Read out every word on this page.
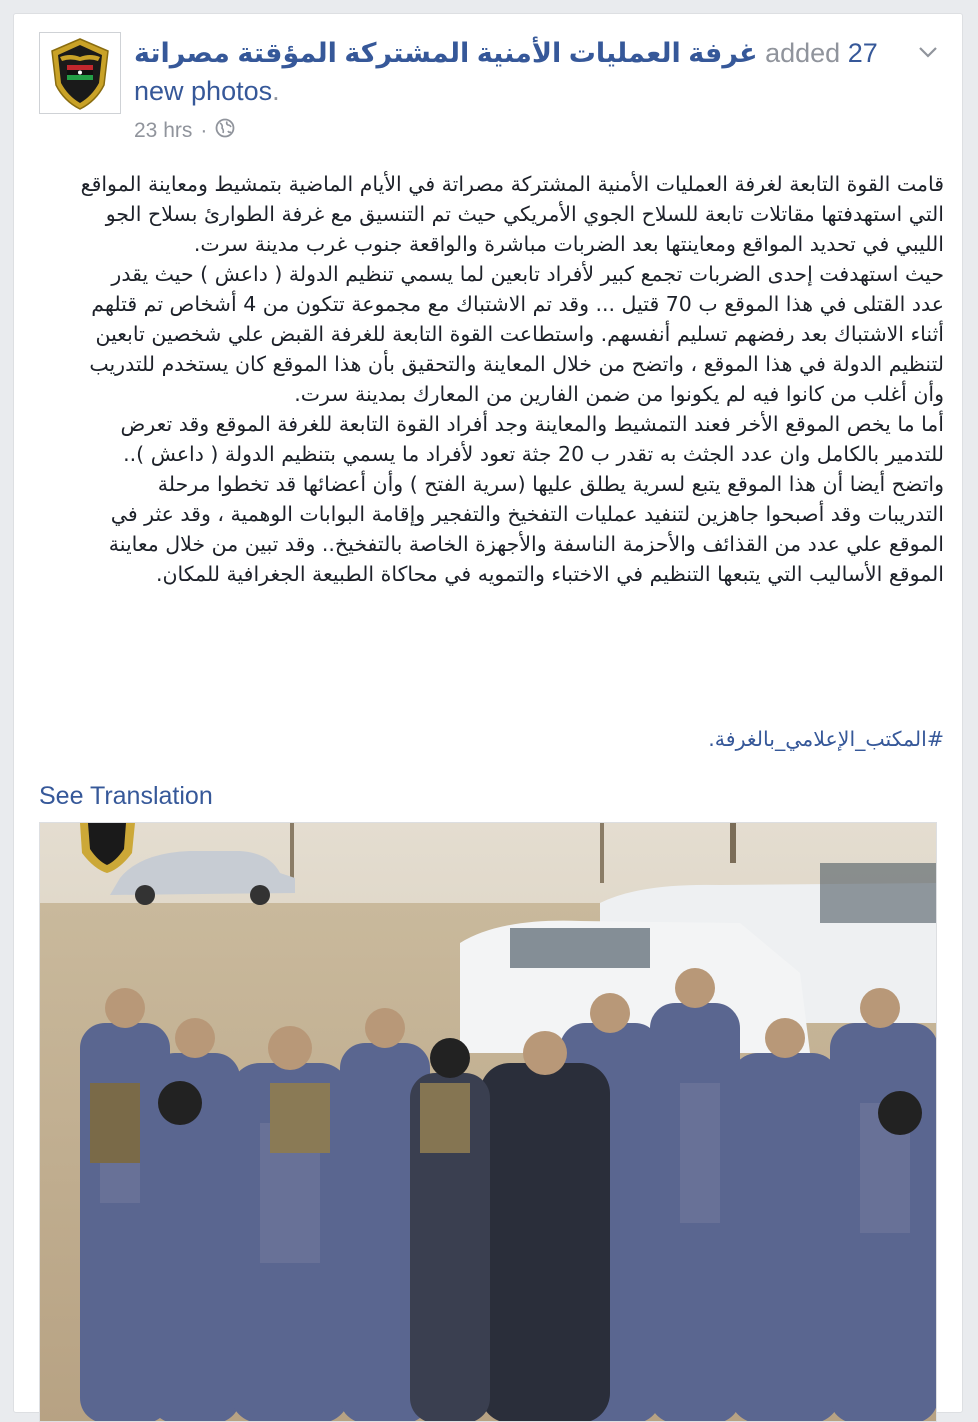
غرفة العمليات الأمنية المشتركة المؤقتة مصراتة added 27 new photos.
23 hrs ·

قامت القوة التابعة لغرفة العمليات الأمنية المشتركة مصراتة في الأيام الماضية بتمشيط ومعاينة المواقع

التي استهدفتها مقاتلات تابعة للسلاح الجوي الأمريكي حيث تم التنسيق مع غرفة الطوارئ بسلاح الجو

الليبي في تحديد المواقع ومعاينتها بعد الضربات مباشرة والواقعة جنوب غرب مدينة سرت.

حيث استهدفت إحدى الضربات تجمع كبير لأفراد تابعين لما يسمي تنظيم الدولة ( داعش ) حيث يقدر

عدد القتلى في هذا الموقع ب 70 قتيل ... وقد تم الاشتباك مع مجموعة تتكون من 4 أشخاص تم قتلهم

أثناء الاشتباك بعد رفضهم تسليم أنفسهم. واستطاعت القوة التابعة للغرفة القبض علي شخصين تابعين

لتنظيم الدولة في هذا الموقع ، واتضح من خلال المعاينة والتحقيق بأن هذا الموقع كان يستخدم للتدريب

وأن أغلب من كانوا فيه لم يكونوا من ضمن الفارين من المعارك بمدينة سرت.

أما ما يخص الموقع الأخر فعند التمشيط والمعاينة وجد أفراد القوة التابعة للغرفة الموقع وقد تعرض

للتدمير بالكامل وان عدد الجثث به تقدر ب 20 جثة تعود لأفراد ما يسمي بتنظيم الدولة ( داعش )..

واتضح أيضا أن هذا الموقع يتبع لسرية يطلق عليها (سرية الفتح ) وأن أعضائها قد تخطوا مرحلة

التدريبات وقد أصبحوا جاهزين لتنفيد عمليات التفخيخ والتفجير وإقامة البوابات الوهمية ، وقد عثر في

الموقع علي عدد من القذائف والأحزمة الناسفة والأجهزة الخاصة بالتفخيخ.. وقد تبين من خلال معاينة

الموقع الأساليب التي يتبعها التنظيم في الاختباء والتمويه في محاكاة الطبيعة الجغرافية للمكان.

#المكتب_الإعلامي_بالغرفة.
See Translation
